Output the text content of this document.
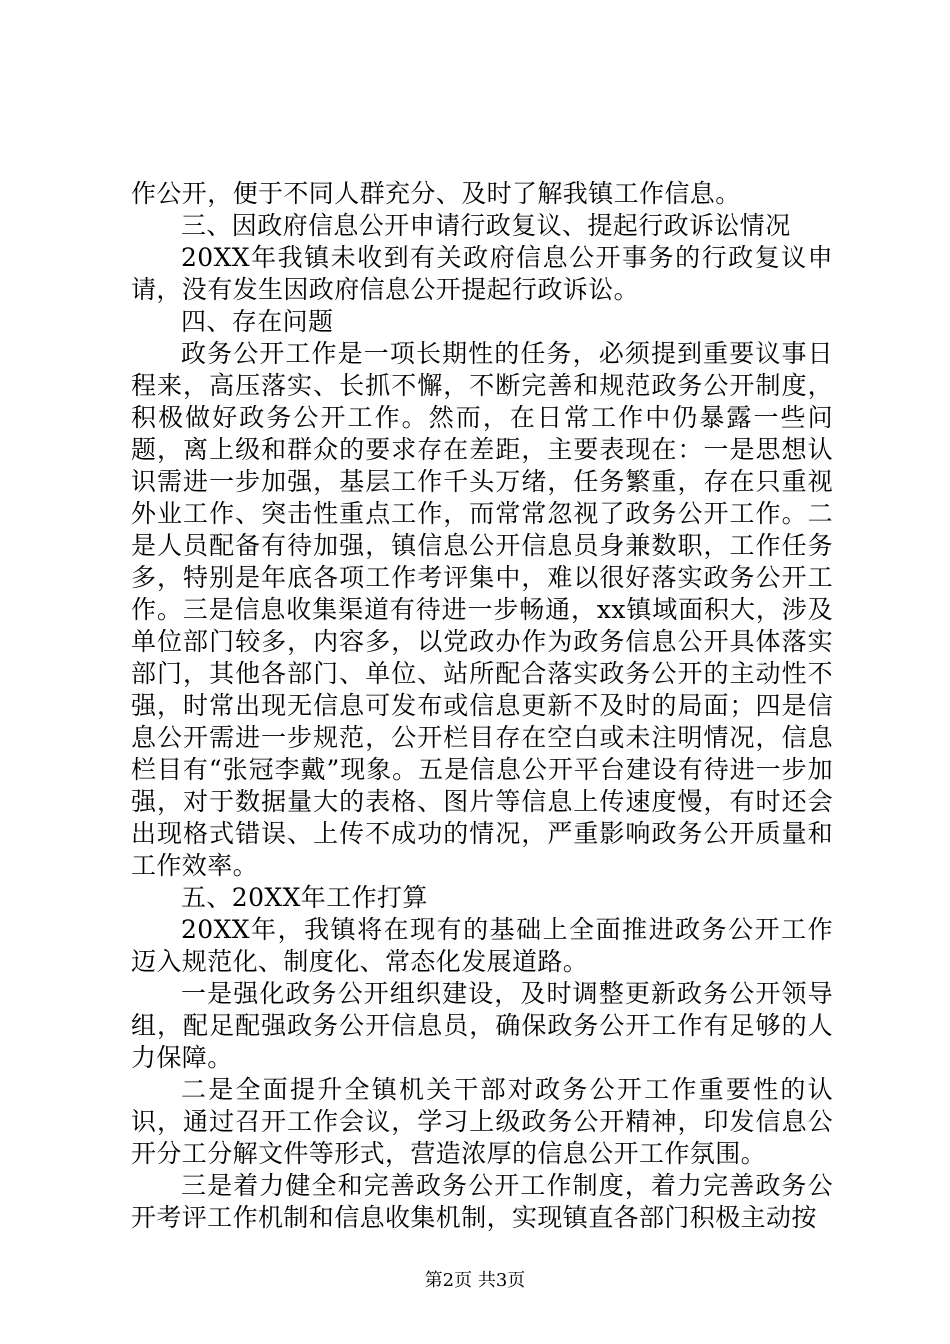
作公开，便于不同人群充分、及时了解我镇工作信息。

三、因政府信息公开申请行政复议、提起行政诉讼情况

20XX年我镇未收到有关政府信息公开事务的行政复议申请，没有发生因政府信息公开提起行政诉讼。

四、存在问题

政务公开工作是一项长期性的任务，必须提到重要议事日程来，高压落实、长抓不懈，不断完善和规范政务公开制度，积极做好政务公开工作。然而，在日常工作中仍暴露一些问题，离上级和群众的要求存在差距，主要表现在：一是思想认识需进一步加强，基层工作千头万绪，任务繁重，存在只重视外业工作、突击性重点工作，而常常忽视了政务公开工作。二是人员配备有待加强，镇信息公开信息员身兼数职，工作任务多，特别是年底各项工作考评集中，难以很好落实政务公开工作。三是信息收集渠道有待进一步畅通，xx镇域面积大，涉及单位部门较多，内容多，以党政办作为政务信息公开具体落实部门，其他各部门、单位、站所配合落实政务公开的主动性不强，时常出现无信息可发布或信息更新不及时的局面；四是信息公开需进一步规范，公开栏目存在空白或未注明情况，信息栏目有“张冠李戴”现象。五是信息公开平台建设有待进一步加强，对于数据量大的表格、图片等信息上传速度慢，有时还会出现格式错误、上传不成功的情况，严重影响政务公开质量和工作效率。

五、20XX年工作打算

20XX年，我镇将在现有的基础上全面推进政务公开工作迈入规范化、制度化、常态化发展道路。

一是强化政务公开组织建设，及时调整更新政务公开领导组，配足配强政务公开信息员，确保政务公开工作有足够的人力保障。

二是全面提升全镇机关干部对政务公开工作重要性的认识，通过召开工作会议，学习上级政务公开精神，印发信息公开分工分解文件等形式，营造浓厚的信息公开工作氛围。

三是着力健全和完善政务公开工作制度，着力完善政务公开考评工作机制和信息收集机制，实现镇直各部门积极主动按

第2页 共3页
